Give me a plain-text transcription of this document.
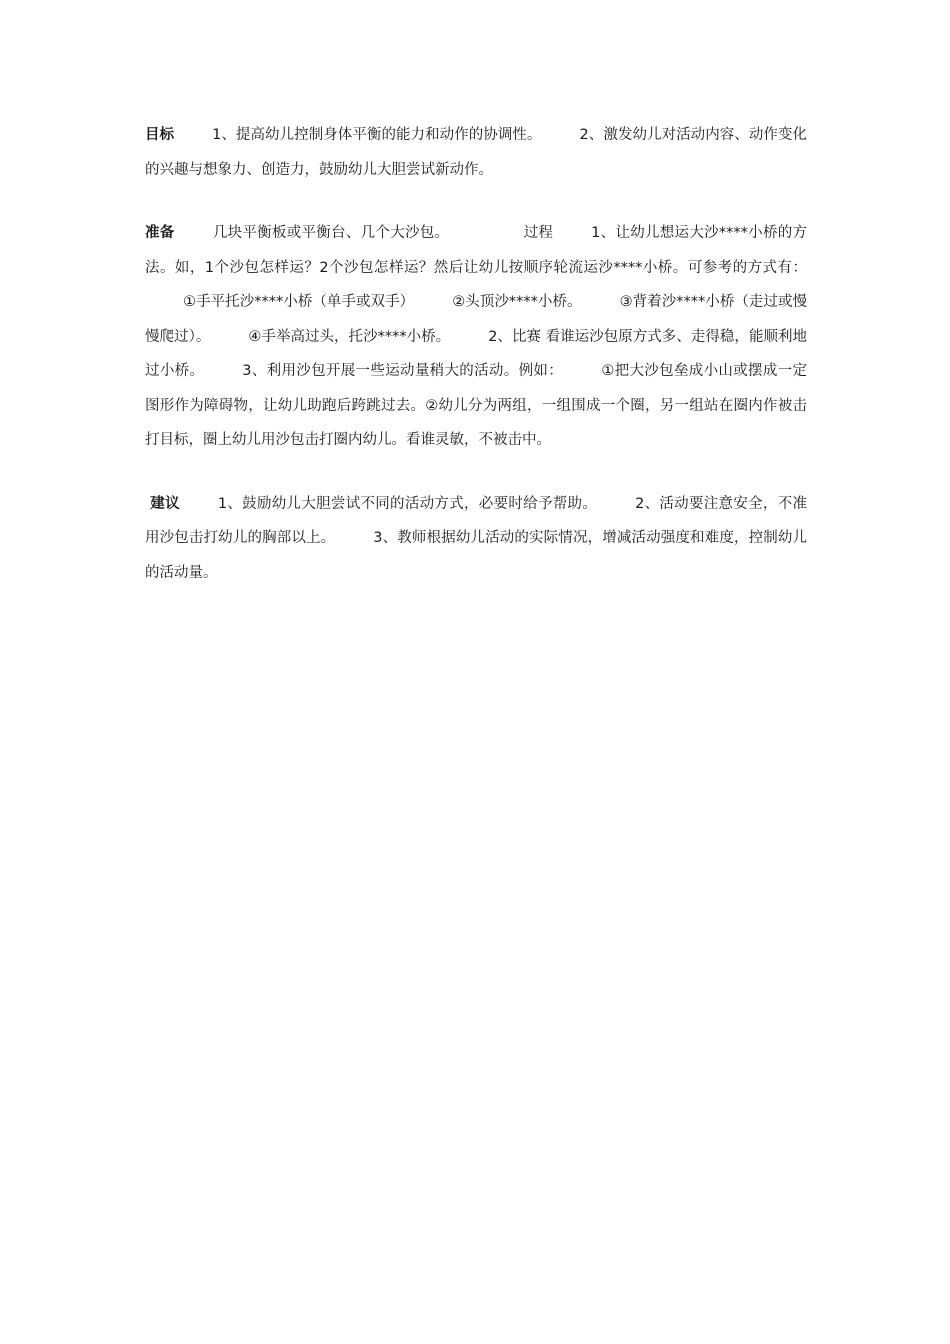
目标	1、提高幼儿控制身体平衡的能力和动作的协调性。	2、激发幼儿对活动内容、动作变化的兴趣与想象力、创造力，鼓励幼儿大胆尝试新动作。

准备	几块平衡板或平衡台、几个大沙包。	过程	1、让幼儿想运大沙****小桥的方法。如，1个沙包怎样运？2个沙包怎样运？然后让幼儿按顺序轮流运沙****小桥。可参考的方式有：①手平托沙****小桥（单手或双手）	②头顶沙****小桥。	③背着沙****小桥（走过或慢慢爬过）。	④手举高过头，托沙****小桥。	2、比赛 看谁运沙包原方式多、走得稳，能顺利地过小桥。	3、利用沙包开展一些运动量稍大的活动。例如：	①把大沙包垒成小山或摆成一定图形作为障碍物，让幼儿助跑后跨跳过去。②幼儿分为两组，一组围成一个圈，另一组站在圈内作被击打目标，圈上幼儿用沙包击打圈内幼儿。看谁灵敏，不被击中。

建议	1、鼓励幼儿大胆尝试不同的活动方式，必要时给予帮助。	2、活动要注意安全，不准用沙包击打幼儿的胸部以上。	3、教师根据幼儿活动的实际情况，增减活动强度和难度，控制幼儿的活动量。
